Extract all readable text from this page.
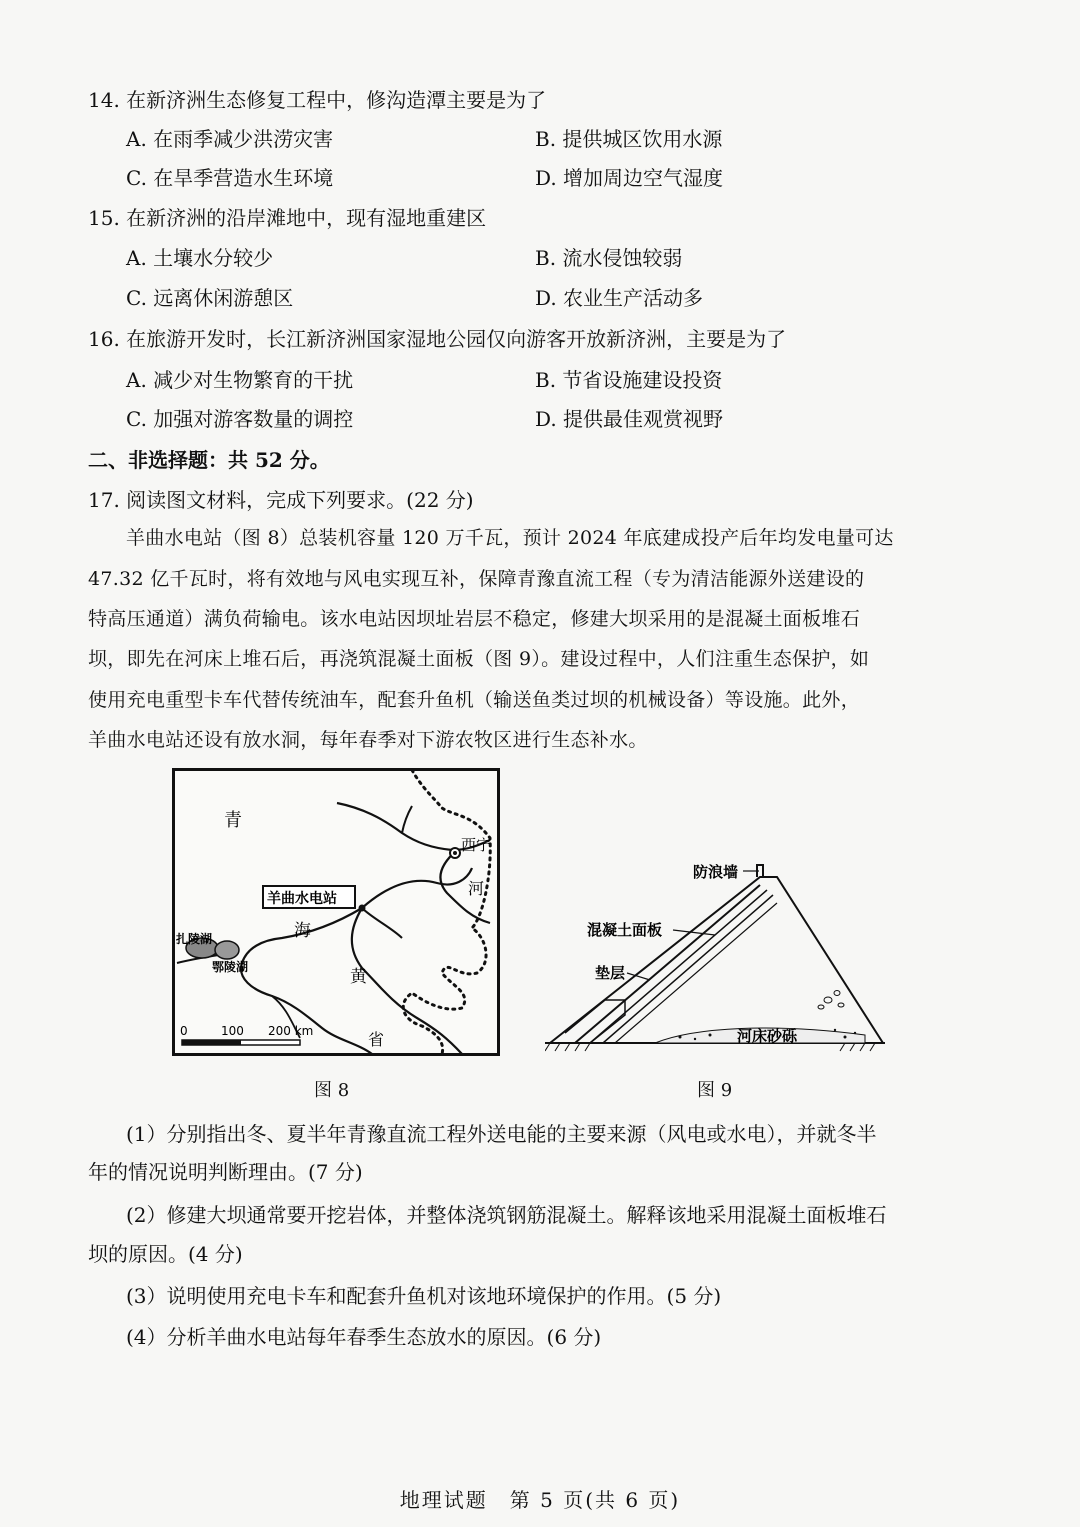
14. 在新济洲生态修复工程中，修沟造潭主要是为了
A. 在雨季减少洪涝灾害	B. 提供城区饮用水源
C. 在旱季营造水生环境	D. 增加周边空气湿度
15. 在新济洲的沿岸滩地中，现有湿地重建区
A. 土壤水分较少	B. 流水侵蚀较弱
C. 远离休闲游憩区	D. 农业生产活动多
16. 在旅游开发时，长江新济洲国家湿地公园仅向游客开放新济洲，主要是为了
A. 减少对生物繁育的干扰	B. 节省设施建设投资
C. 加强对游客数量的调控	D. 提供最佳观赏视野
二、非选择题：共 52 分。
17. 阅读图文材料，完成下列要求。(22 分)
羊曲水电站（图 8）总装机容量 120 万千瓦，预计 2024 年底建成投产后年均发电量可达
47.32 亿千瓦时，将有效地与风电实现互补，保障青豫直流工程（专为清洁能源外送建设的
特高压通道）满负荷输电。该水电站因坝址岩层不稳定，修建大坝采用的是混凝土面板堆石
坝，即先在河床上堆石后，再浇筑混凝土面板（图 9）。建设过程中，人们注重生态保护，如
使用充电重型卡车代替传统油车，配套升鱼机（输送鱼类过坝的机械设备）等设施。此外，
羊曲水电站还设有放水洞，每年春季对下游农牧区进行生态补水。
青
西宁
羊曲水电站
河
海
黄
省
扎陵湖
鄂陵湖
0	100 200 km
图 8
防浪墙
混凝土面板
垫层
河床砂砾
图 9
(1）分别指出冬、夏半年青豫直流工程外送电能的主要来源（风电或水电），并就冬半
年的情况说明判断理由。(7 分)
(2）修建大坝通常要开挖岩体，并整体浇筑钢筋混凝土。解释该地采用混凝土面板堆石
坝的原因。(4 分)
(3）说明使用充电卡车和配套升鱼机对该地环境保护的作用。(5 分)
(4）分析羊曲水电站每年春季生态放水的原因。(6 分)
地理试题　第 5 页(共 6 页)
